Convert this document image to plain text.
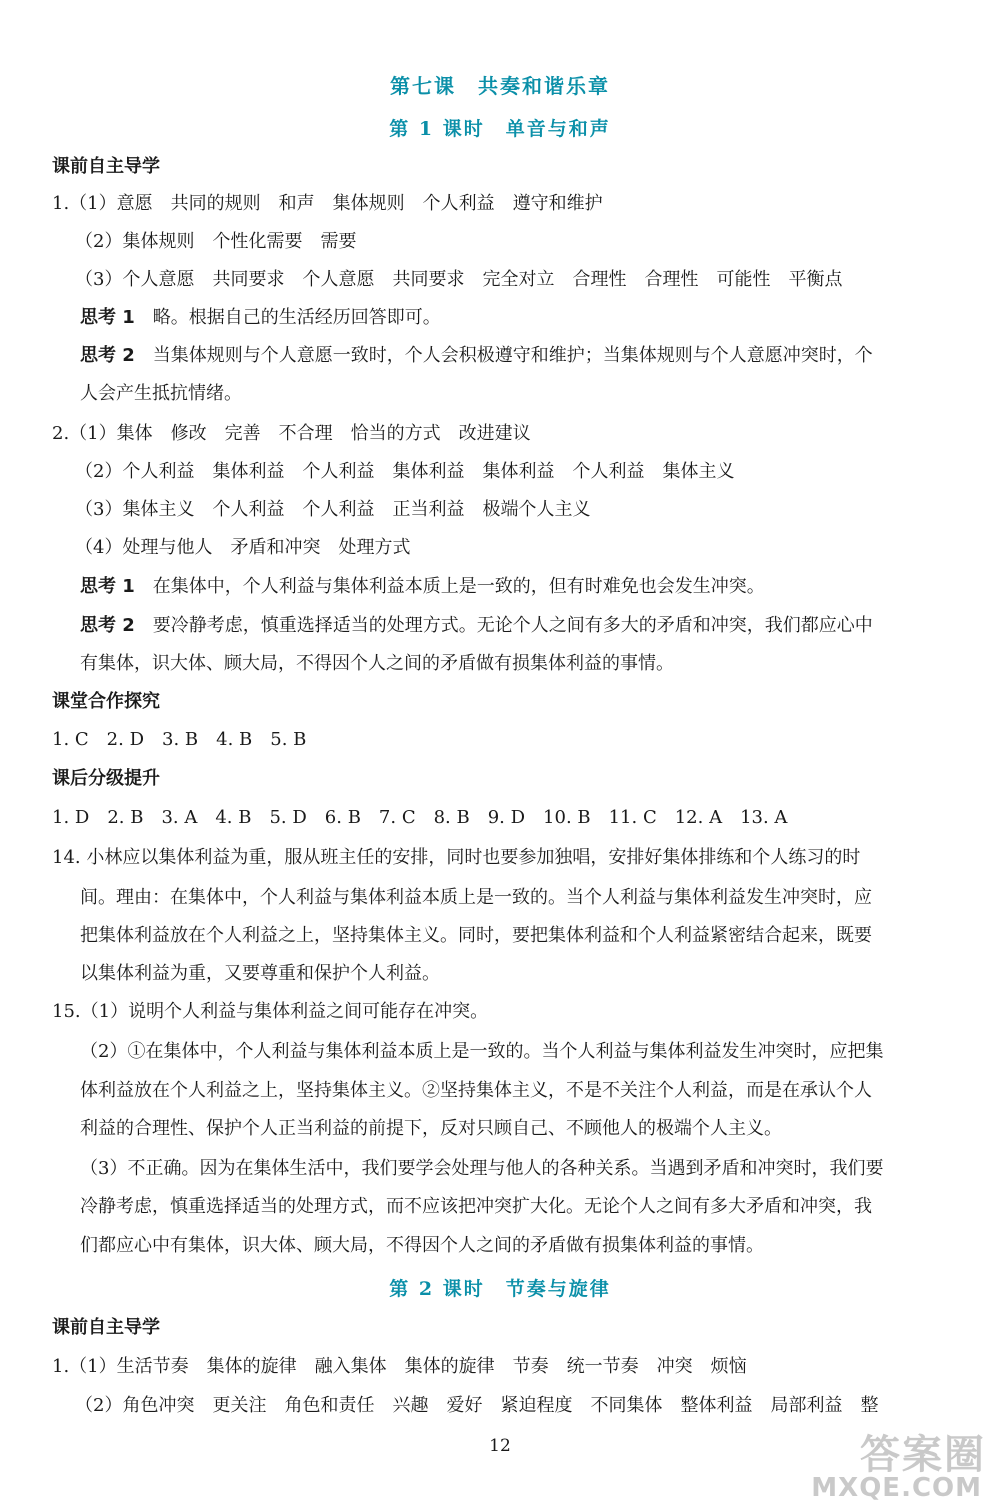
第七课　共奏和谐乐章
第 1 课时　单音与和声
课前自主导学
1.（1）意愿　共同的规则　和声　集体规则　个人利益　遵守和维护
（2）集体规则　个性化需要　需要
（3）个人意愿　共同要求　个人意愿　共同要求　完全对立　合理性　合理性　可能性　平衡点
思考 1　 略。根据自己的生活经历回答即可。
思考 2　 当集体规则与个人意愿一致时，个人会积极遵守和维护；当集体规则与个人意愿冲突时，个
人会产生抵抗情绪。
2.（1）集体　修改　完善　不合理　恰当的方式　改进建议
（2）个人利益　集体利益　个人利益　集体利益　集体利益　个人利益　集体主义
（3）集体主义　个人利益　个人利益　正当利益　极端个人主义
（4）处理与他人　矛盾和冲突　处理方式
思考 1　 在集体中，个人利益与集体利益本质上是一致的，但有时难免也会发生冲突。
思考 2　 要冷静考虑，慎重选择适当的处理方式。无论个人之间有多大的矛盾和冲突，我们都应心中
有集体，识大体、顾大局，不得因个人之间的矛盾做有损集体利益的事情。
课堂合作探究
1. C　2. D　3. B　4. B　5. B
课后分级提升
1. D　2. B　3. A　4. B　5. D　6. B　7. C　8. B　9. D　10. B　11. C　12. A　13. A
14. 小林应以集体利益为重，服从班主任的安排，同时也要参加独唱，安排好集体排练和个人练习的时
间。理由：在集体中，个人利益与集体利益本质上是一致的。当个人利益与集体利益发生冲突时，应
把集体利益放在个人利益之上，坚持集体主义。同时，要把集体利益和个人利益紧密结合起来，既要
以集体利益为重，又要尊重和保护个人利益。
15.（1）说明个人利益与集体利益之间可能存在冲突。
（2）①在集体中，个人利益与集体利益本质上是一致的。当个人利益与集体利益发生冲突时，应把集
体利益放在个人利益之上，坚持集体主义。②坚持集体主义，不是不关注个人利益，而是在承认个人
利益的合理性、保护个人正当利益的前提下，反对只顾自己、不顾他人的极端个人主义。
（3）不正确。因为在集体生活中，我们要学会处理与他人的各种关系。当遇到矛盾和冲突时，我们要
冷静考虑，慎重选择适当的处理方式，而不应该把冲突扩大化。无论个人之间有多大矛盾和冲突，我
们都应心中有集体，识大体、顾大局，不得因个人之间的矛盾做有损集体利益的事情。
第 2 课时　节奏与旋律
课前自主导学
1.（1）生活节奏　集体的旋律　融入集体　集体的旋律　节奏　统一节奏　冲突　烦恼
（2）角色冲突　更关注　角色和责任　兴趣　爱好　紧迫程度　不同集体　整体利益　局部利益　整
12	答案圈
MXQE.COM
